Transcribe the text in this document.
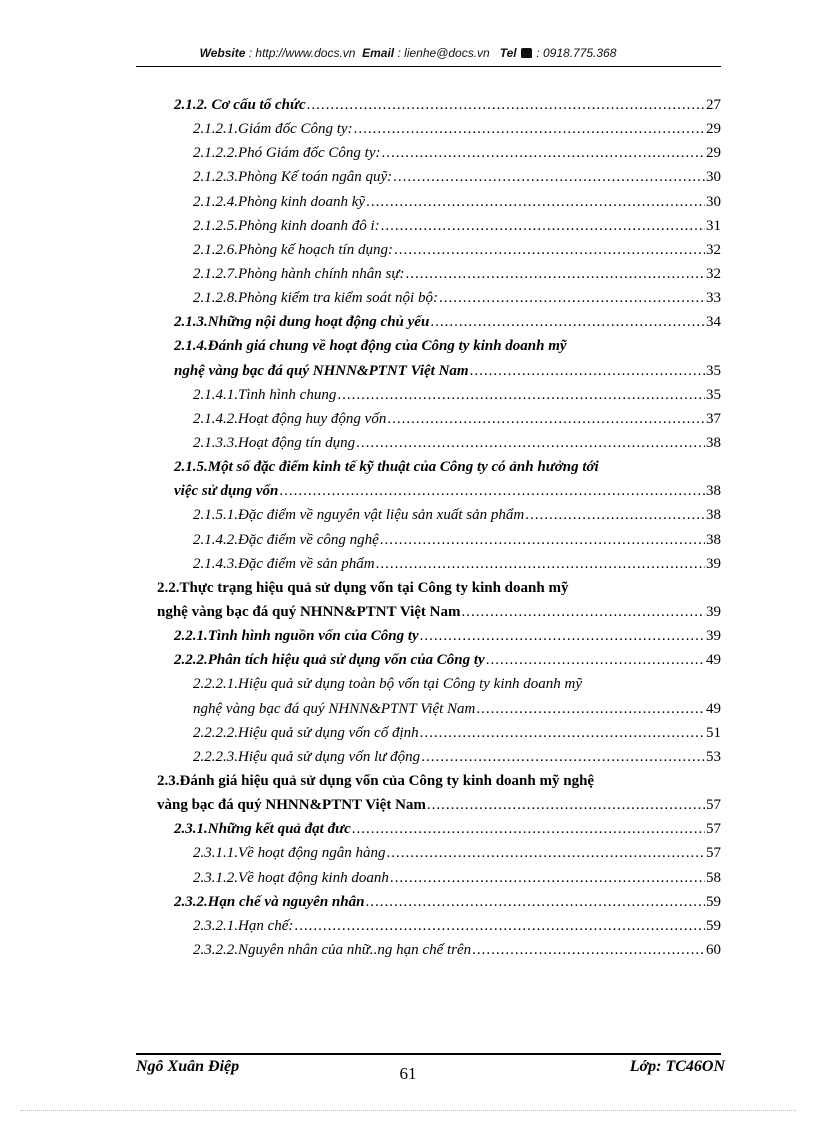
Website : http://www.docs.vn Email : lienhe@docs.vn Tel : 0918.775.368
2.1.2. Cơ cấu tổ chức .....	27
2.1.2.1.Giám đốc Công ty: .....	29
2.1.2.2.Phó Giám đốc Công ty: .....	29
2.1.2.3.Phòng Kế toán ngân quỹ: .....	30
2.1.2.4.Phòng kinh doanh kỹ .....	30
2.1.2.5.Phòng kinh doanh đô i: .....	31
2.1.2.6.Phòng kế hoạch tín dụng: .....	32
2.1.2.7.Phòng hành chính nhân sự: .....	32
2.1.2.8.Phòng kiểm tra kiểm soát nội bộ: .....	33
2.1.3.Những nội dung hoạt động chủ yếu .....	34
2.1.4.Đánh giá chung về hoạt động của Công ty kinh doanh mỹ
nghệ vàng bạc đá quý NHNN&PTNT Việt Nam .....	35
2.1.4.1.Tình hình chung .....	35
2.1.4.2.Hoạt động huy động vốn .....	37
2.1.3.3.Hoạt động tín dụng .....	38
2.1.5.Một số đặc điểm kinh tế kỹ thuật của Công ty có ảnh hưởng tới
việc sử dụng vốn .....	38
2.1.5.1.Đặc điểm về nguyên vật liệu sản xuất sản phẩm .....	38
2.1.4.2.Đặc điểm về công nghệ .....	38
2.1.4.3.Đặc điểm về sản phẩm .....	39
2.2.Thực trạng hiệu quả sử dụng vốn tại Công ty kinh doanh mỹ
nghệ vàng bạc đá quý NHNN&PTNT Việt Nam .....	39
2.2.1.Tình hình nguồn vốn của Công ty .....	39
2.2.2.Phân tích hiệu quả sử dụng vốn của Công ty .....	49
2.2.2.1.Hiệu quả sử dụng toàn bộ vốn tại Công ty kinh doanh mỹ
nghệ vàng bạc đá quý NHNN&PTNT Việt Nam .....	49
2.2.2.2.Hiệu quả sử dụng vốn cố định .....	51
2.2.2.3.Hiệu quả sử dụng vốn lư động .....	53
2.3.Đánh giá hiệu quả sử dụng vốn của Công ty kinh doanh mỹ nghệ
vàng bạc đá quý NHNN&PTNT Việt Nam .....	57
2.3.1.Những kết quả đạt đưc .....	57
2.3.1.1.Về hoạt động ngân hàng .....	57
2.3.1.2.Về hoạt động kinh doanh .....	58
2.3.2.Hạn chế và nguyên nhân .....	59
2.3.2.1.Hạn chế: .....	59
2.3.2.2.Nguyên nhân của nhữ..ng hạn chế trên .....	60
Ngô Xuân Điệp	61	Lớp: TC46ON
